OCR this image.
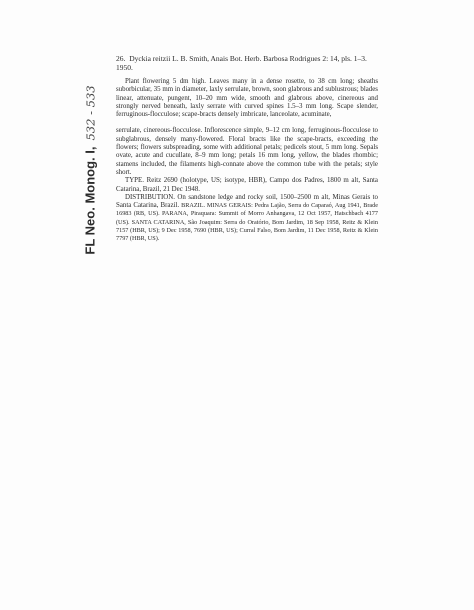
FL Neo. Monog. I,
532 - 533

26. Dyckia reitzii L. B. Smith, Anais Bot. Herb. Barbosa Rodrigues 2: 14, pls. 1–3. 1950.

Plant flowering 5 dm high. Leaves many in a dense rosette, to 38 cm long; sheaths suborbicular, 35 mm in diameter, laxly serrulate, brown, soon glabrous and sublustrous; blades linear, attenuate, pungent, 10–20 mm wide, smooth and glabrous above, cinereous and strongly nerved beneath, laxly serrate with curved spines 1.5–3 mm long. Scape slender, ferruginous-flocculose; scape-bracts densely imbricate, lanceolate, acuminate,

serrulate, cinereous-flocculose. Inflorescence simple, 9–12 cm long, ferruginous-flocculose to subglabrous, densely many-flowered. Floral bracts like the scape-bracts, exceeding the flowers; flowers subspreading, some with additional petals; pedicels stout, 5 mm long. Sepals ovate, acute and cucullate, 8–9 mm long; petals 16 mm long, yellow, the blades rhombic; stamens included, the filaments high-connate above the common tube with the petals; style short.

TYPE. Reitz 2690 (holotype, US; isotype, HBR), Campo dos Padres, 1800 m alt, Santa Catarina, Brazil, 21 Dec 1948.

DISTRIBUTION. On sandstone ledge and rocky soil, 1500–2500 m alt, Minas Gerais to Santa Catarina, Brazil. BRAZIL. MINAS GERAIS: Pedra Lajão, Serra do Caparaó, Aug 1941, Brade 16983 (RB, US). PARANA, Piraquara: Summit of Morro Anhangava, 12 Oct 1957, Hatschbach 4177 (US). SANTA CATARINA, São Joaquim: Serra do Oratório, Bom Jardim, 18 Sep 1958, Reitz & Klein 7157 (HBR, US); 9 Dec 1958, 7690 (HBR, US); Curral Falso, Bom Jardim, 11 Dec 1958, Reitz & Klein 7797 (HBR, US).
